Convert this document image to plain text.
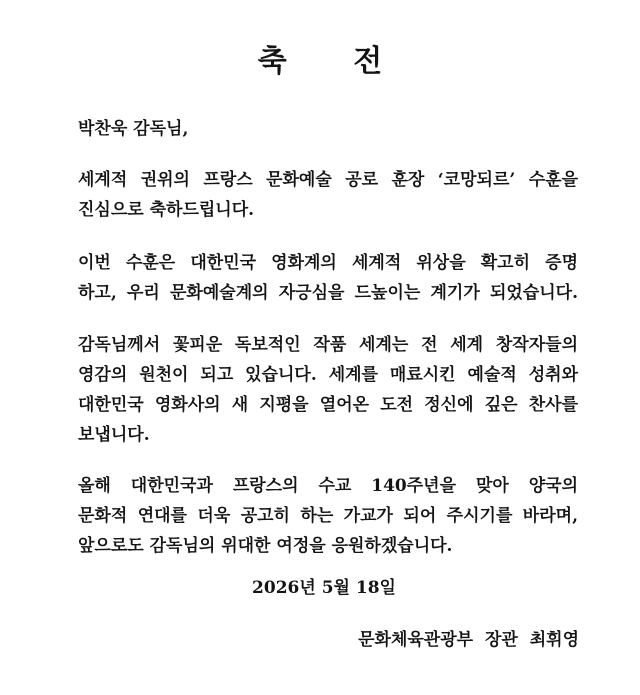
축 전
박찬욱 감독님,
세계적 권위의 프랑스 문화예술 공로 훈장 ‘코망되르’ 수훈을
진심으로 축하드립니다.
이번 수훈은 대한민국 영화계의 세계적 위상을 확고히 증명
하고, 우리 문화예술계의 자긍심을 드높이는 계기가 되었습니다.
감독님께서 꽃피운 독보적인 작품 세계는 전 세계 창작자들의
영감의 원천이 되고 있습니다. 세계를 매료시킨 예술적 성취와
대한민국 영화사의 새 지평을 열어온 도전 정신에 깊은 찬사를
보냅니다.
올해 대한민국과 프랑스의 수교 140주년을 맞아 양국의
문화적 연대를 더욱 공고히 하는 가교가 되어 주시기를 바라며,
앞으로도 감독님의 위대한 여정을 응원하겠습니다.
2026년 5월 18일
문화체육관광부 장관 최휘영
